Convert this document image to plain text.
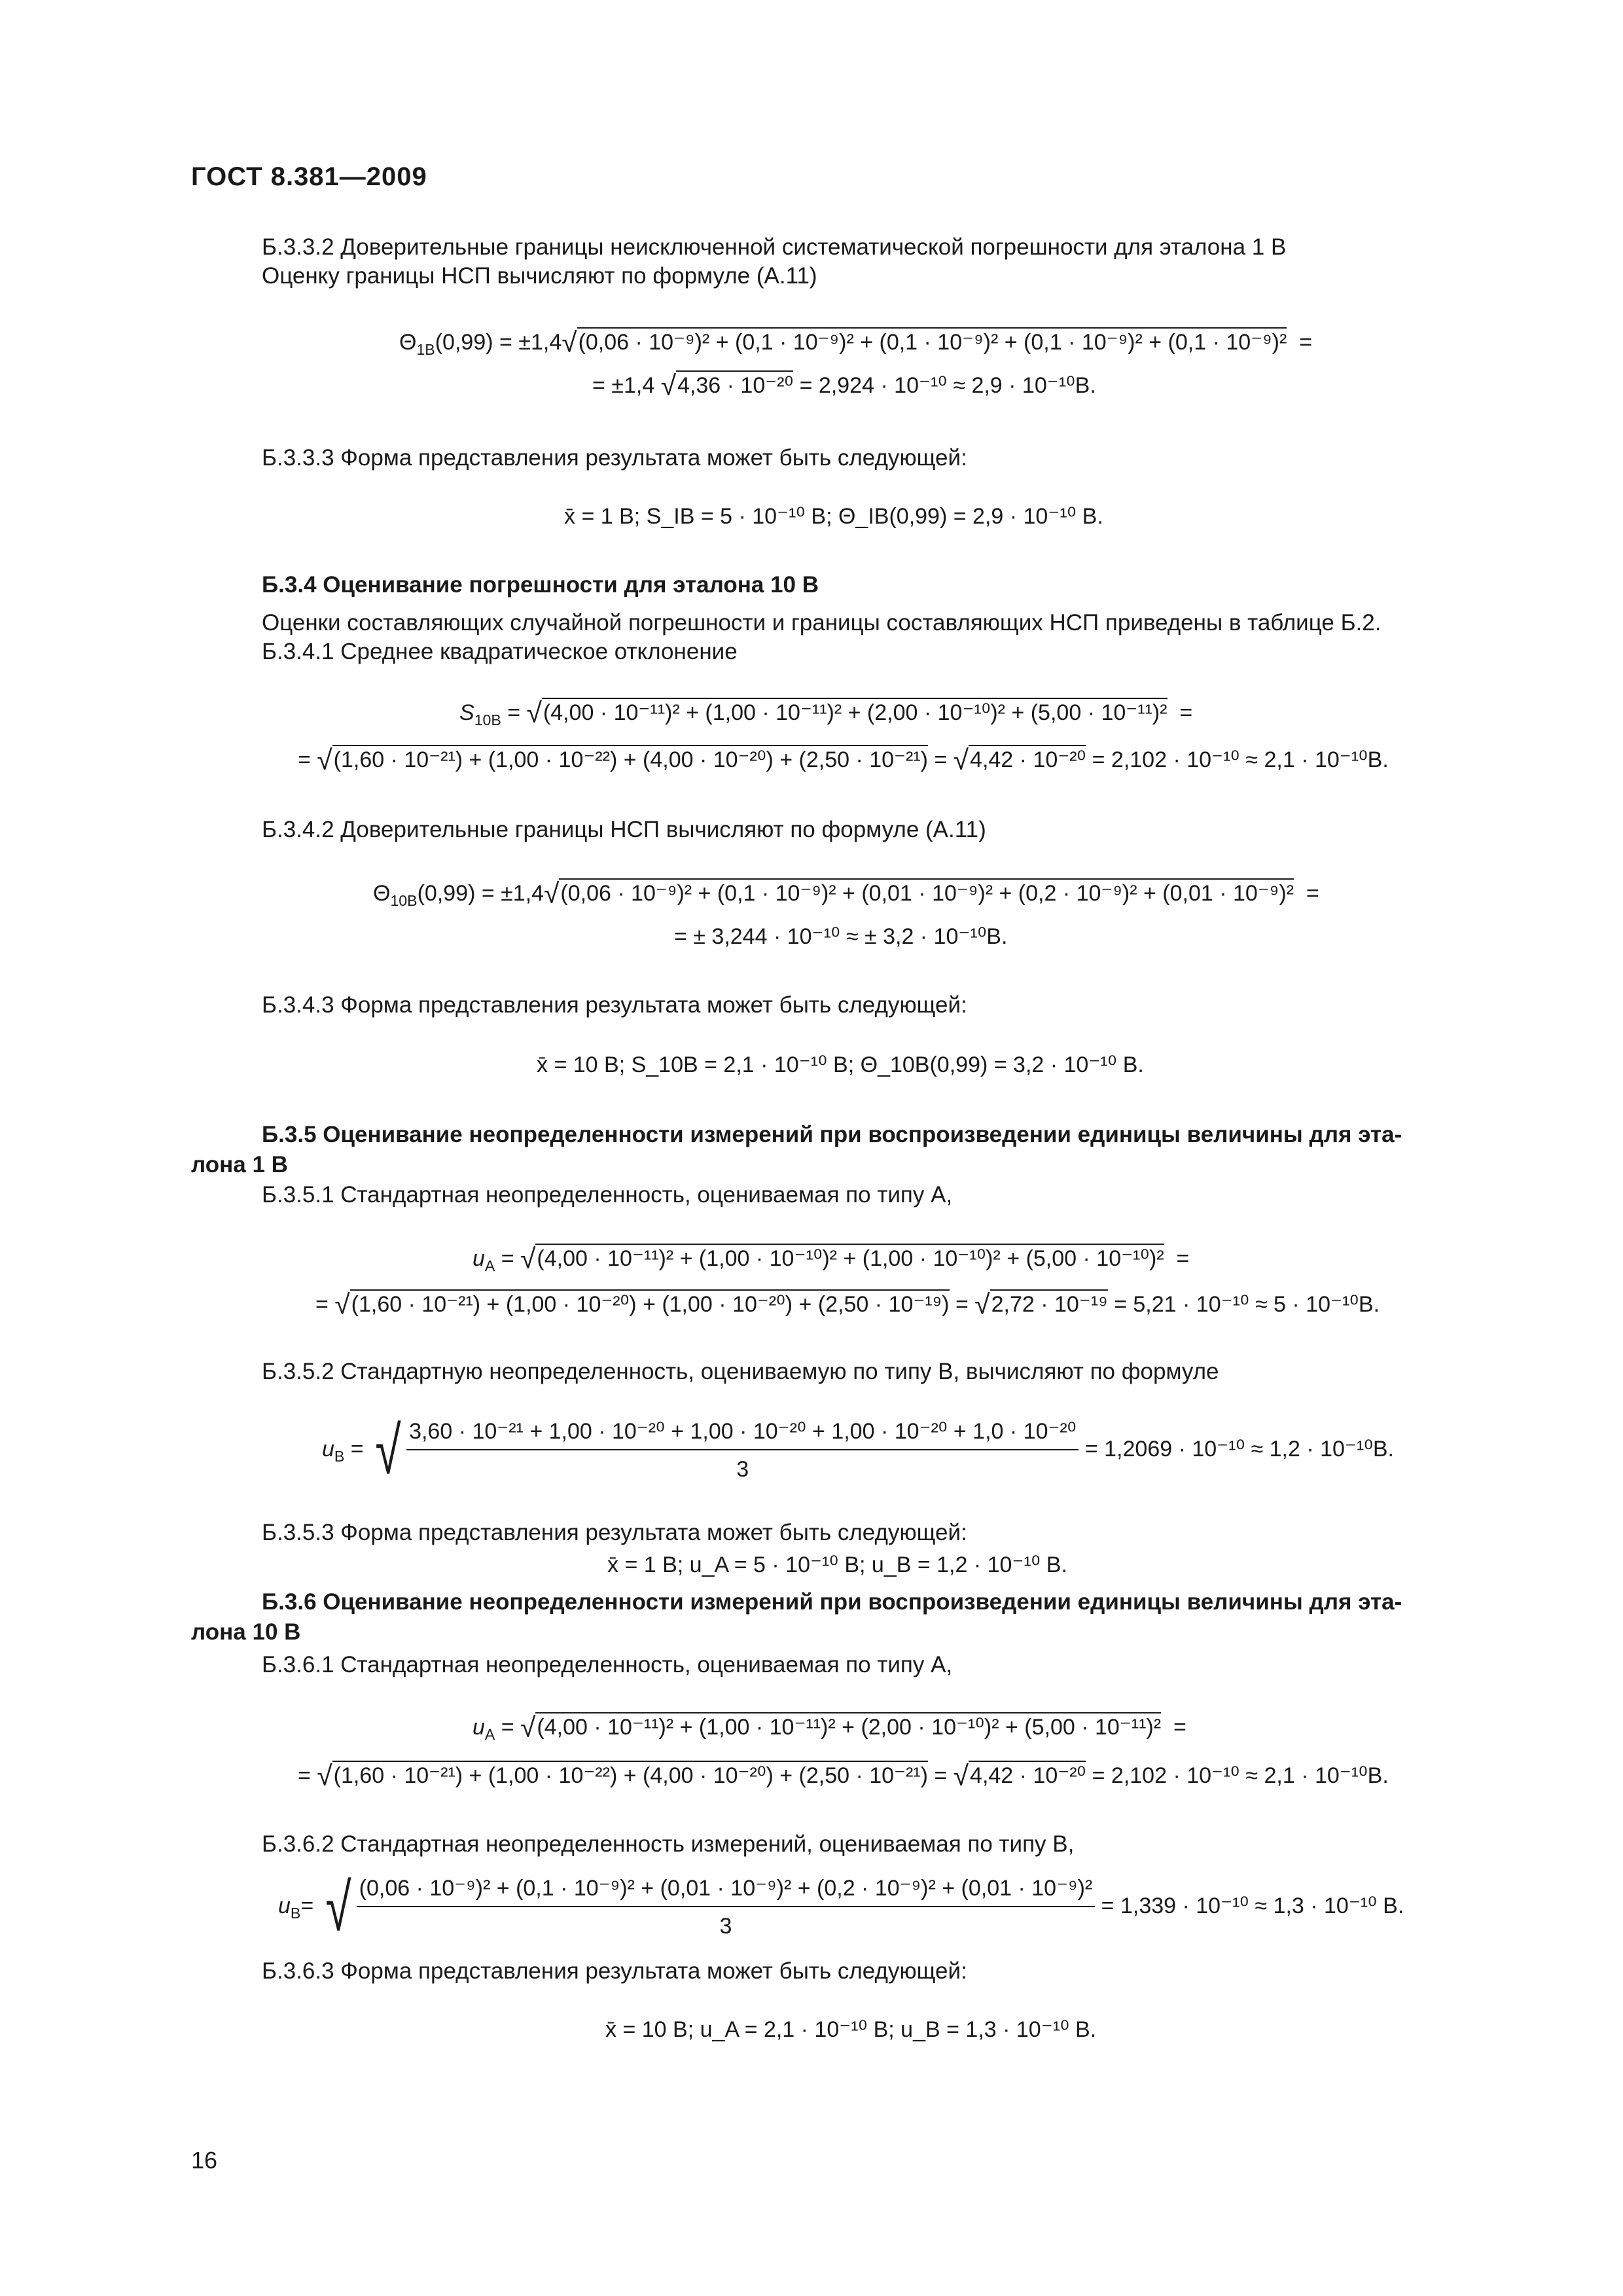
ГОСТ 8.381—2009
Б.3.3.2 Доверительные границы неисключенной систематической погрешности для эталона 1 В
Оценку границы НСП вычисляют по формуле (А.11)
$\Theta_{1В}(0,99) = \pm 1,4√(0,06 \cdot 10^{-9})^2 + (0,1 \cdot 10^{-9})^2 + (0,1 \cdot 10^{-9})^2 + (0,1 \cdot 10^{-9})^2 + (0,1 \cdot 10^{-9})^2$ =
= ±1,4 √4,36 · 10⁻²⁰ = 2,924 · 10⁻¹⁰ ≈ 2,9 · 10⁻¹⁰В.
Б.3.3.3 Форма представления результата может быть следующей:
x̄ = 1 В; S_IB = 5 · 10⁻¹⁰ В; Θ_IB(0,99) = 2,9 · 10⁻¹⁰ В.
Б.3.4 Оценивание погрешности для эталона 10 В
Оценки составляющих случайной погрешности и границы составляющих НСП приведены в таблице Б.2.
Б.3.4.1 Среднее квадратическое отклонение
$S_{10B} = √(4,00 \cdot 10^{-11})^2 + (1,00 \cdot 10^{-11})^2 + (2,00 \cdot 10^{-10})^2 + (5,00 \cdot 10^{-11})^2$  =
= √(1,60 · 10⁻²¹) + (1,00 · 10⁻²²) + (4,00 · 10⁻²⁰) + (2,50 · 10⁻²¹) = √4,42 · 10⁻²⁰ = 2,102 · 10⁻¹⁰ ≈ 2,1 · 10⁻¹⁰В.
Б.3.4.2 Доверительные границы НСП вычисляют по формуле (А.11)
$\Theta_{10B}(0,99) = \pm 1,4√(0,06 \cdot 10^{-9})^2 + (0,1 \cdot 10^{-9})^2 + (0,01 \cdot 10^{-9})^2 + (0,2 \cdot 10^{-9})^2 + (0,01 \cdot 10^{-9})^2$  =
= ± 3,244 · 10⁻¹⁰ ≈ ± 3,2 · 10⁻¹⁰В.
Б.3.4.3 Форма представления результата может быть следующей:
x̄ = 10 В; S_10B = 2,1 · 10⁻¹⁰ В; Θ_10B(0,99) = 3,2 · 10⁻¹⁰ В.
Б.3.5 Оценивание неопределенности измерений при воспроизведении единицы величины для эта-
лона 1 В
Б.3.5.1 Стандартная неопределенность, оцениваемая по типу А,
$u_A = √(4,00 \cdot 10^{-11})^2 + (1,00 \cdot 10^{-10})^2 + (1,00 \cdot 10^{-10})^2 + (5,00 \cdot 10^{-10})^2$  =
= √(1,60 · 10⁻²¹) + (1,00 · 10⁻²⁰) + (1,00 · 10⁻²⁰) + (2,50 · 10⁻¹⁹) = √2,72 · 10⁻¹⁹ = 5,21 · 10⁻¹⁰ ≈ 5 · 10⁻¹⁰В.
Б.3.5.2 Стандартную неопределенность, оцениваемую по типу В, вычисляют по формуле
$u_B$ = √ 3,60 · 10⁻²¹ + 1,00 · 10⁻²⁰ + 1,00 · 10⁻²⁰ + 1,00 · 10⁻²⁰ + 1,0 · 10⁻²⁰
3
= 1,2069 · 10⁻¹⁰ ≈ 1,2 · 10⁻¹⁰В.
Б.3.5.3 Форма представления результата может быть следующей:
x̄ = 1 В; u_A = 5 · 10⁻¹⁰ В; u_B = 1,2 · 10⁻¹⁰ В.
Б.3.6 Оценивание неопределенности измерений при воспроизведении единицы величины для эта-
лона 10 В
Б.3.6.1 Стандартная неопределенность, оцениваемая по типу А,
$u_A = √(4,00 \cdot 10^{-11})^2 + (1,00 \cdot 10^{-11})^2 + (2,00 \cdot 10^{-10})^2 + (5,00 \cdot 10^{-11})^2$  =
= √(1,60 · 10⁻²¹) + (1,00 · 10⁻²²) + (4,00 · 10⁻²⁰) + (2,50 · 10⁻²¹) = √4,42 · 10⁻²⁰ = 2,102 · 10⁻¹⁰ ≈ 2,1 · 10⁻¹⁰В.
Б.3.6.2 Стандартная неопределенность измерений, оцениваемая по типу В,
$u_B=$ √ (0,06 · 10⁻⁹)² + (0,1 · 10⁻⁹)² + (0,01 · 10⁻⁹)² + (0,2 · 10⁻⁹)² + (0,01 · 10⁻⁹)²
3
= 1,339 · 10⁻¹⁰ ≈ 1,3 · 10⁻¹⁰ В.
Б.3.6.3 Форма представления результата может быть следующей:
x̄ = 10 В; u_A = 2,1 · 10⁻¹⁰ В; u_B = 1,3 · 10⁻¹⁰ В.
16
